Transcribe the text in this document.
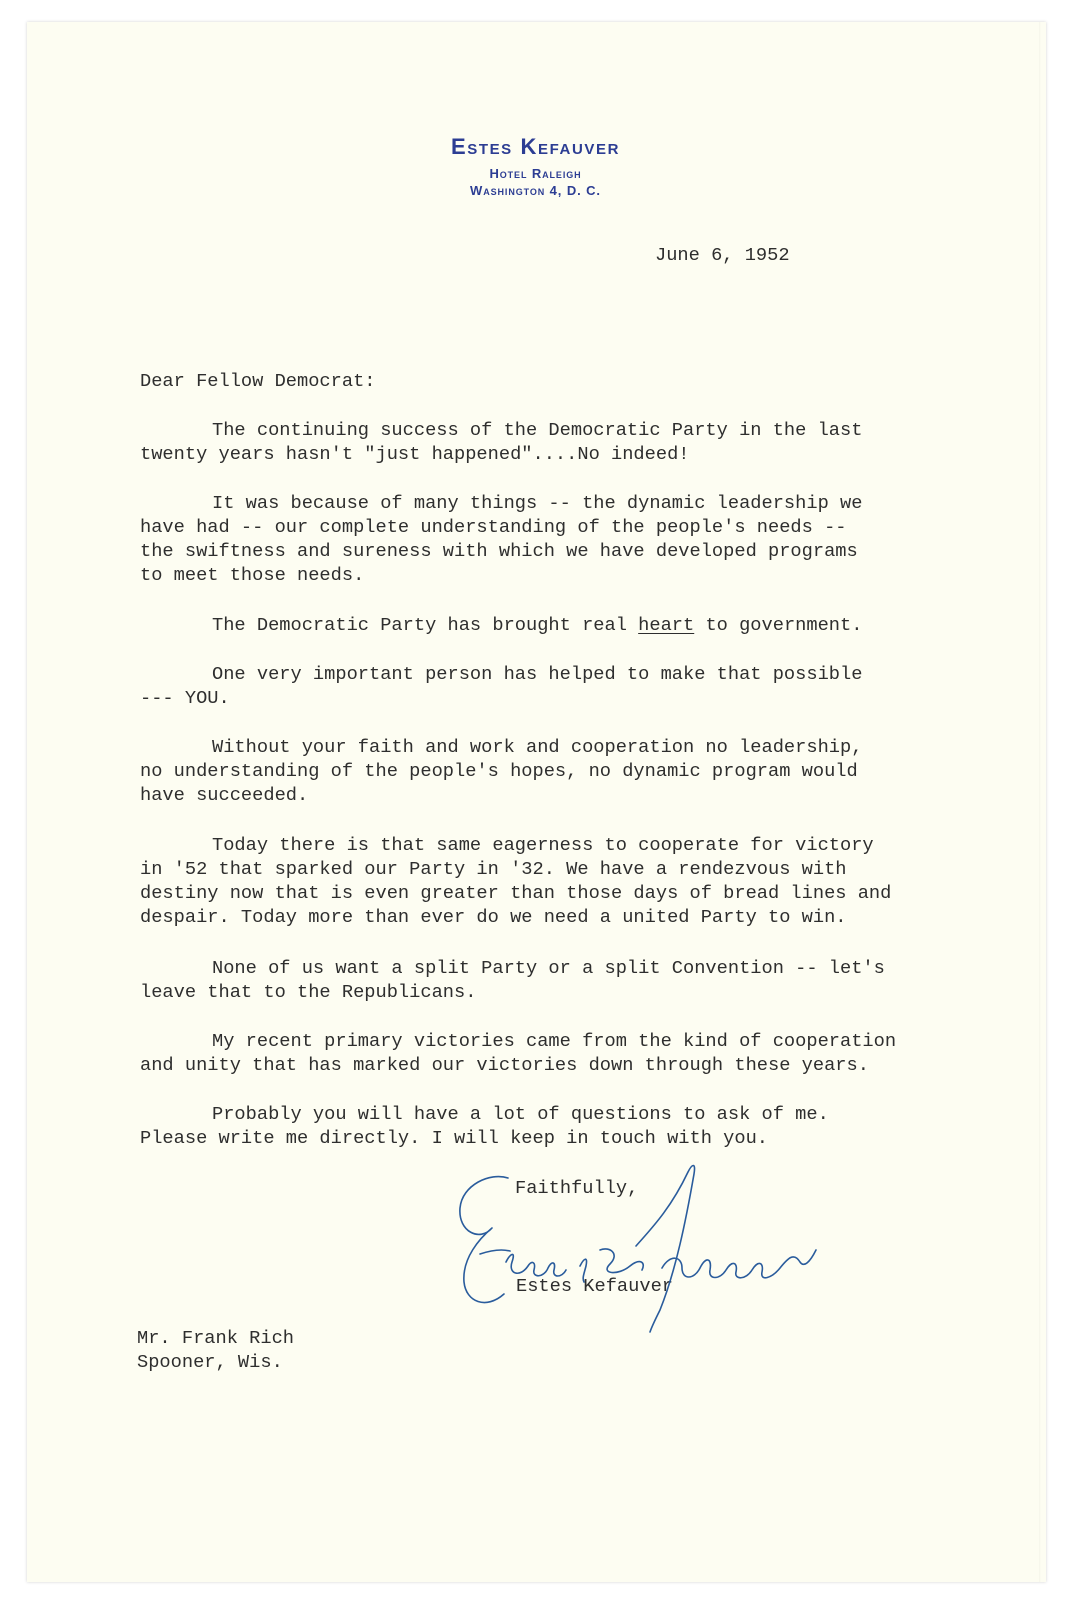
Estes Kefauver
Hotel Raleigh
Washington 4, D. C.
June 6, 1952
Dear Fellow Democrat:
The continuing success of the Democratic Party in the last
twenty years hasn't "just happened"....No indeed!
It was because of many things -- the dynamic leadership we
have had -- our complete understanding of the people's needs --
the swiftness and sureness with which we have developed programs
to meet those needs.
The Democratic Party has brought real heart to government.
One very important person has helped to make that possible
--- YOU.
Without your faith and work and cooperation no leadership,
no understanding of the people's hopes, no dynamic program would
have succeeded.
Today there is that same eagerness to cooperate for victory
in '52 that sparked our Party in '32. We have a rendezvous with
destiny now that is even greater than those days of bread lines and
despair. Today more than ever do we need a united Party to win.
None of us want a split Party or a split Convention -- let's
leave that to the Republicans.
My recent primary victories came from the kind of cooperation
and unity that has marked our victories down through these years.
Probably you will have a lot of questions to ask of me.
Please write me directly. I will keep in touch with you.
Faithfully,
Estes Kefauver
Mr. Frank Rich
Spooner, Wis.
